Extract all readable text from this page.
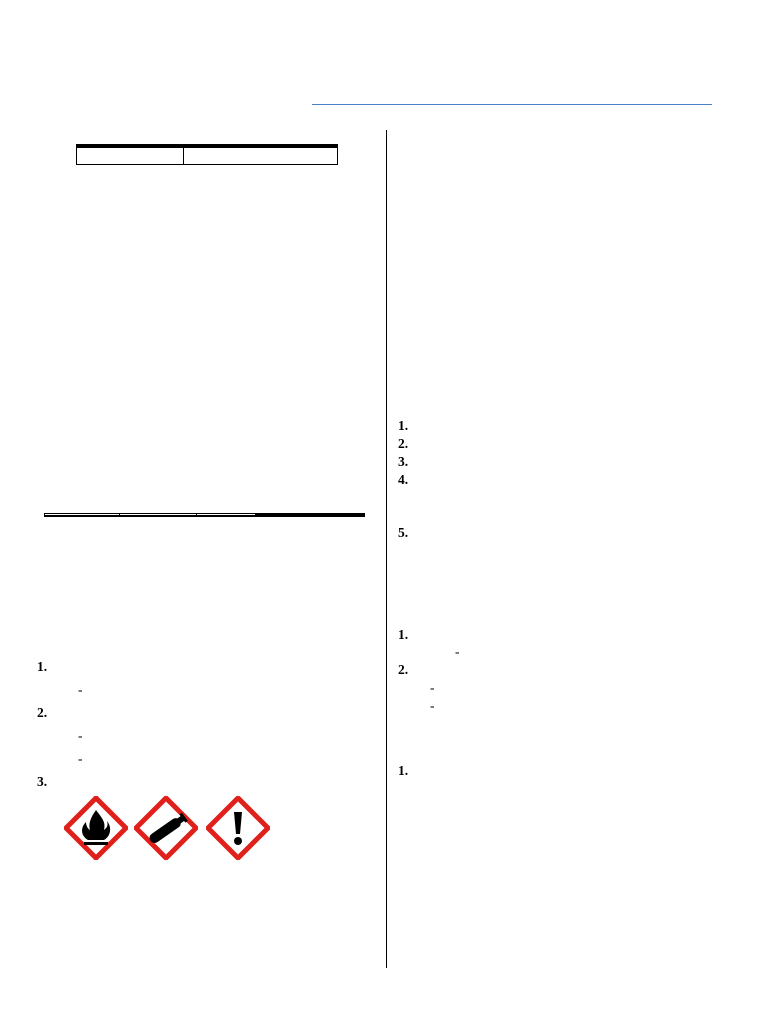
1.
-
2.
-
-
3.
1.
2.
3.
4.
5.
1.
-
2.
-
-
1.
